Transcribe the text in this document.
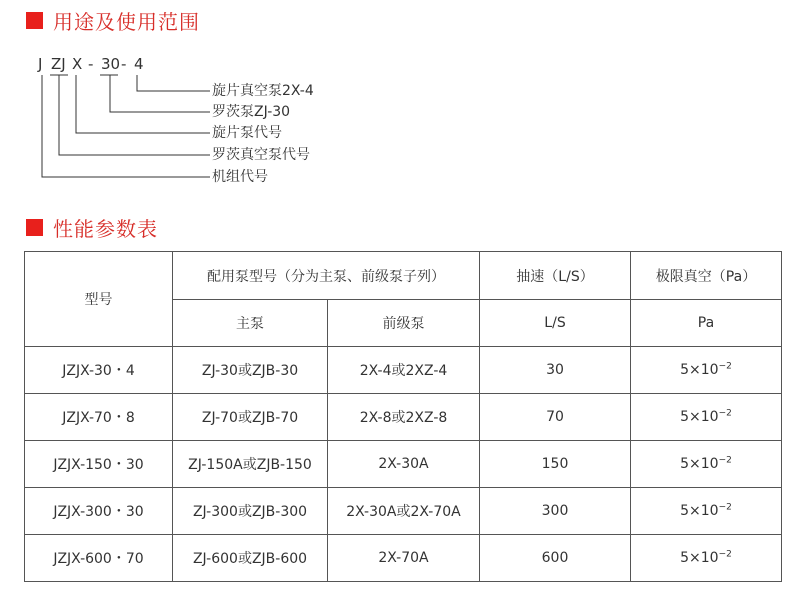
用途及使用范围
J ZJ X - 30 - 4
旋片真空泵2X-4
罗茨泵ZJ-30
旋片泵代号
罗茨真空泵代号
机组代号
性能参数表
型号	配用泵型号（分为主泵、前级泵子列）		抽速（L/S）	极限真空（Pa）
	主泵	前级泵	L/S	Pa
JZJX-30・4	ZJ-30或ZJB-30	2X-4或2XZ-4	30	$5\times 10^{-2}$
JZJX-70・8	ZJ-70或ZJB-70	2X-8或2XZ-8	70	$5\times 10^{-2}$
JZJX-150・30	ZJ-150A或ZJB-150	2X-30A	150	$5\times 10^{-2}$
JZJX-300・30	ZJ-300或ZJB-300	2X-30A或2X-70A	300	$5\times 10^{-2}$
JZJX-600・70	ZJ-600或ZJB-600	2X-70A	600	$5\times 10^{-2}$
